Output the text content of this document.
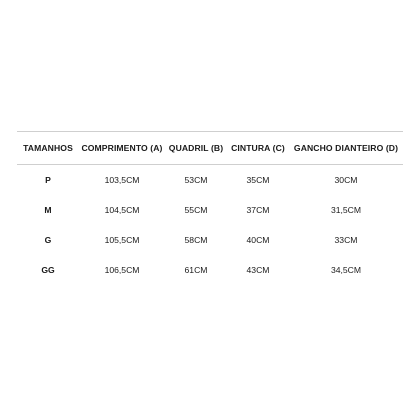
TAMANHOS	COMPRIMENTO (A)	QUADRIL (B)	CINTURA (C)	GANCHO DIANTEIRO (D)
P	103,5CM	53CM	35CM	30CM
M	104,5CM	55CM	37CM	31,5CM
G	105,5CM	58CM	40CM	33CM
GG	106,5CM	61CM	43CM	34,5CM
